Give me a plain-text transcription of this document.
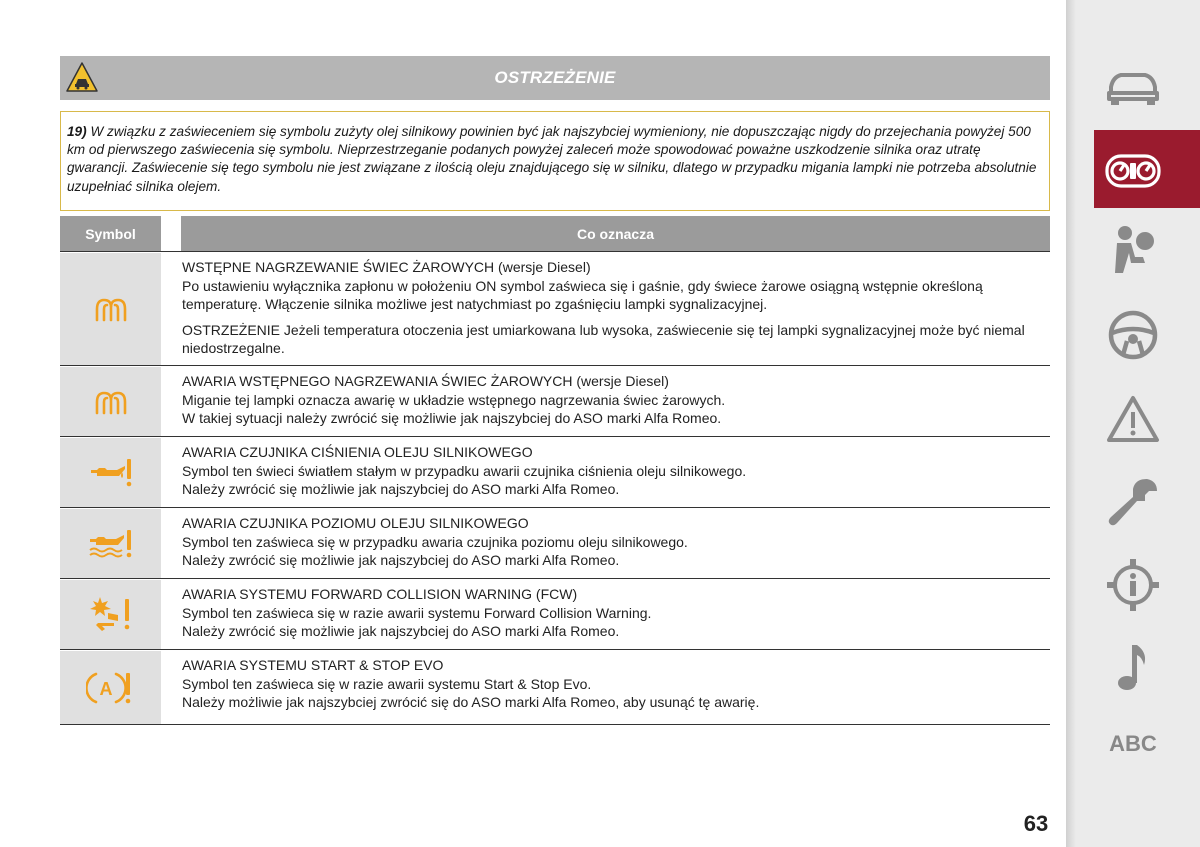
OSTRZEŻENIE
19) W związku z zaświeceniem się symbolu zużyty olej silnikowy powinien być jak najszybciej wymieniony, nie dopuszczając nigdy do przejechania powyżej 500 km od pierwszego zaświecenia się symbolu. Nieprzestrzeganie podanych powyżej zaleceń może spowodować poważne uszkodzenie silnika oraz utratę gwarancji. Zaświecenie się tego symbolu nie jest związane z ilością oleju znajdującego się w silniku, dlatego w przypadku migania lampki nie potrzeba absolutnie uzupełniać silnika olejem.
Symbol	Co oznacza

WSTĘPNE NAGRZEWANIE ŚWIEC ŻAROWYCH (wersje Diesel)

Po ustawieniu wyłącznika zapłonu w położeniu ON symbol zaświeca się i gaśnie, gdy świece żarowe osiągną wstępnie określoną temperaturę. Włączenie silnika możliwe jest natychmiast po zgaśnięciu lampki sygnalizacyjnej.

OSTRZEŻENIE Jeżeli temperatura otoczenia jest umiarkowana lub wysoka, zaświecenie się tej lampki sygnalizacyjnej może być niemal niedostrzegalne.

AWARIA WSTĘPNEGO NAGRZEWANIA ŚWIEC ŻAROWYCH (wersje Diesel)

Miganie tej lampki oznacza awarię w układzie wstępnego nagrzewania świec żarowych.

W takiej sytuacji należy zwrócić się możliwie jak najszybciej do ASO marki Alfa Romeo.

AWARIA CZUJNIKA CIŚNIENIA OLEJU SILNIKOWEGO

Symbol ten świeci światłem stałym w przypadku awarii czujnika ciśnienia oleju silnikowego.

Należy zwrócić się możliwie jak najszybciej do ASO marki Alfa Romeo.

AWARIA CZUJNIKA POZIOMU OLEJU SILNIKOWEGO

Symbol ten zaświeca się w przypadku awaria czujnika poziomu oleju silnikowego.

Należy zwrócić się możliwie jak najszybciej do ASO marki Alfa Romeo.

AWARIA SYSTEMU FORWARD COLLISION WARNING (FCW)

Symbol ten zaświeca się w razie awarii systemu Forward Collision Warning.

Należy zwrócić się możliwie jak najszybciej do ASO marki Alfa Romeo.

A

AWARIA SYSTEMU START & STOP EVO

Symbol ten zaświeca się w razie awarii systemu Start & Stop Evo.

Należy możliwie jak najszybciej zwrócić się do ASO marki Alfa Romeo, aby usunąć tę awarię.

ABC
63
